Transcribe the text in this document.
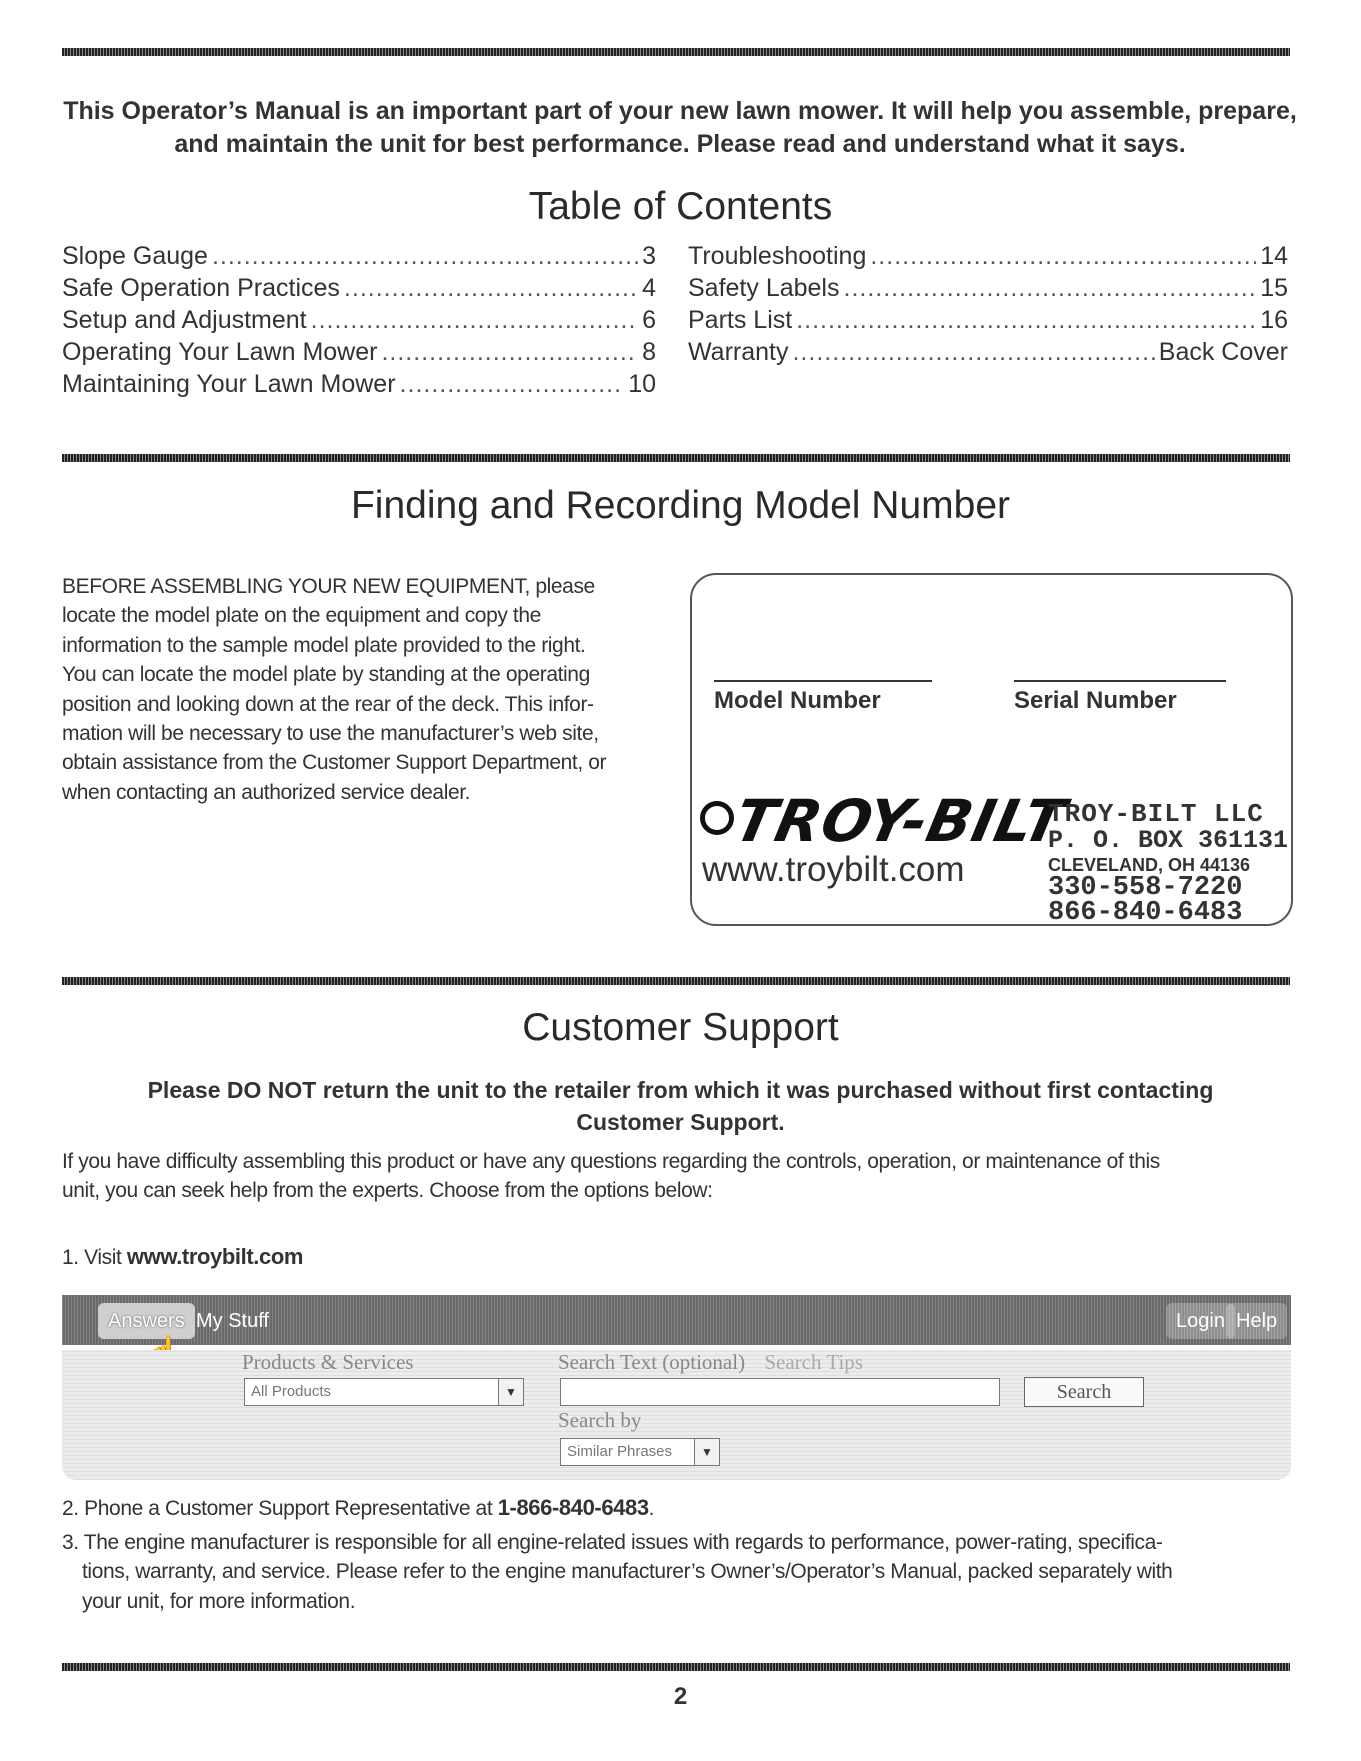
This Operator’s Manual is an important part of your new lawn mower. It will help you assemble, prepare, and maintain the unit for best performance. Please read and understand what it says.
Table of Contents
Slope Gauge .....	3
Safe Operation Practices .....	4
Setup and Adjustment .....	6
Operating Your Lawn Mower .....	8
Maintaining Your Lawn Mower .....	10
Troubleshooting .....	14
Safety Labels .....	15
Parts List .....	16
Warranty .....	Back Cover
Finding and Recording Model Number
BEFORE ASSEMBLING YOUR NEW EQUIPMENT, please
locate the model plate on the equipment and copy the
information to the sample model plate provided to the right.
You can locate the model plate by standing at the operating
position and looking down at the rear of the deck. This infor-
mation will be necessary to use the manufacturer’s web site,
obtain assistance from the Customer Support Department, or
when contacting an authorized service dealer.
Model Number	Serial Number
TROY-BILT
www.troybilt.com
TROY-BILT LLC
P. O. BOX 361131
CLEVELAND, OH 44136
330-558-7220
866-840-6483
Customer Support
Please DO NOT return the unit to the retailer from which it was purchased without first contacting Customer Support.
If you have difficulty assembling this product or have any questions regarding the controls, operation, or maintenance of this
unit, you can seek help from the experts. Choose from the options below:
1. Visit www.troybilt.com
Answers My Stuff	Login Help
Products & Services
All Products	▼
Search Text (optional) Search Tips
Search
Search by
Similar Phrases	▼
2. Phone a Customer Support Representative at 1-866-840-6483.
3. The engine manufacturer is responsible for all engine-related issues with regards to performance, power-rating, specifica-
tions, warranty, and service. Please refer to the engine manufacturer’s Owner’s/Operator’s Manual, packed separately with
your unit, for more information.
2
